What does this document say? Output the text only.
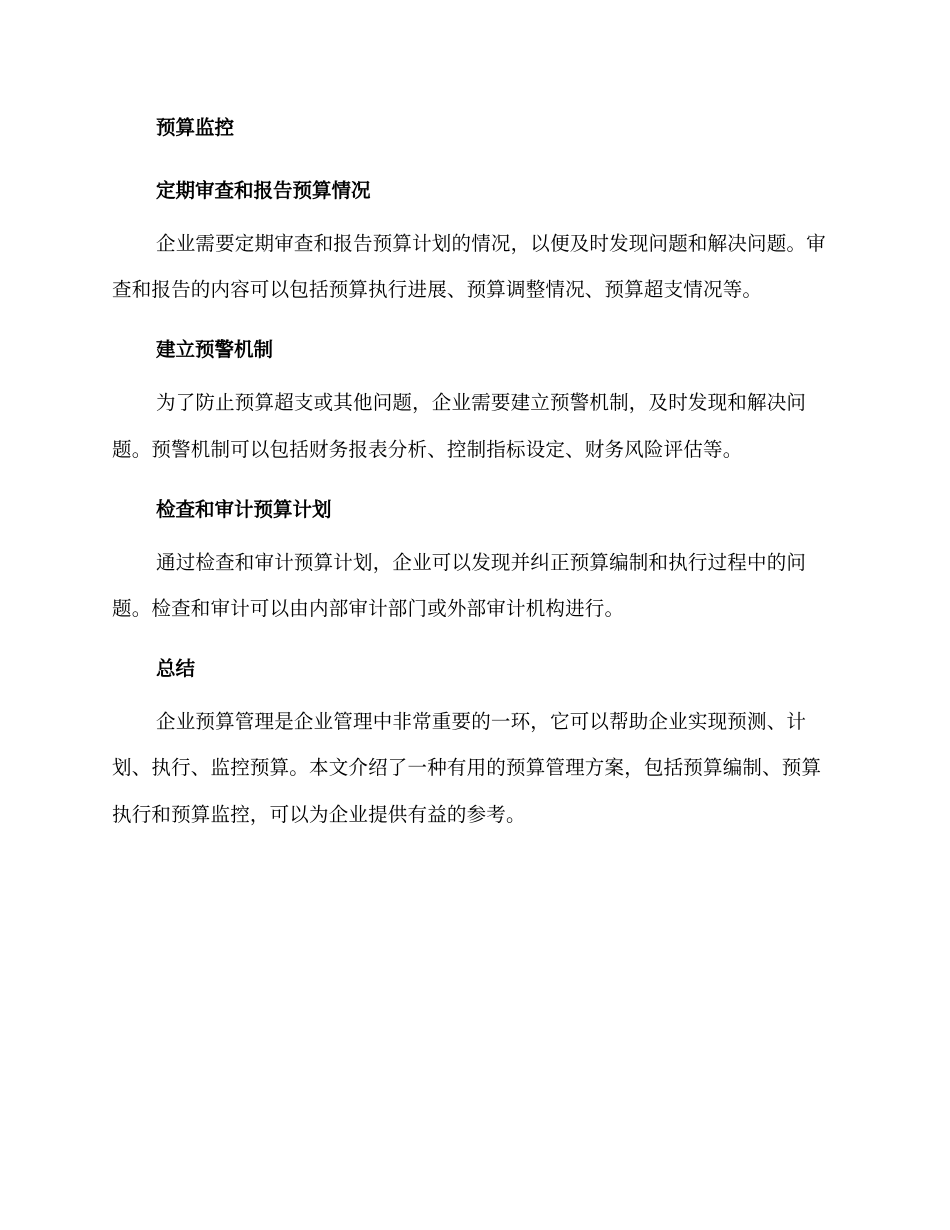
预算监控
定期审查和报告预算情况

企业需要定期审查和报告预算计划的情况，以便及时发现问题和解决问题。审查和报告的内容可以包括预算执行进展、预算调整情况、预算超支情况等。

建立预警机制

为了防止预算超支或其他问题，企业需要建立预警机制，及时发现和解决问题。预警机制可以包括财务报表分析、控制指标设定、财务风险评估等。

检查和审计预算计划

通过检查和审计预算计划，企业可以发现并纠正预算编制和执行过程中的问题。检查和审计可以由内部审计部门或外部审计机构进行。

总结

企业预算管理是企业管理中非常重要的一环，它可以帮助企业实现预测、计划、执行、监控预算。本文介绍了一种有用的预算管理方案，包括预算编制、预算执行和预算监控，可以为企业提供有益的参考。
